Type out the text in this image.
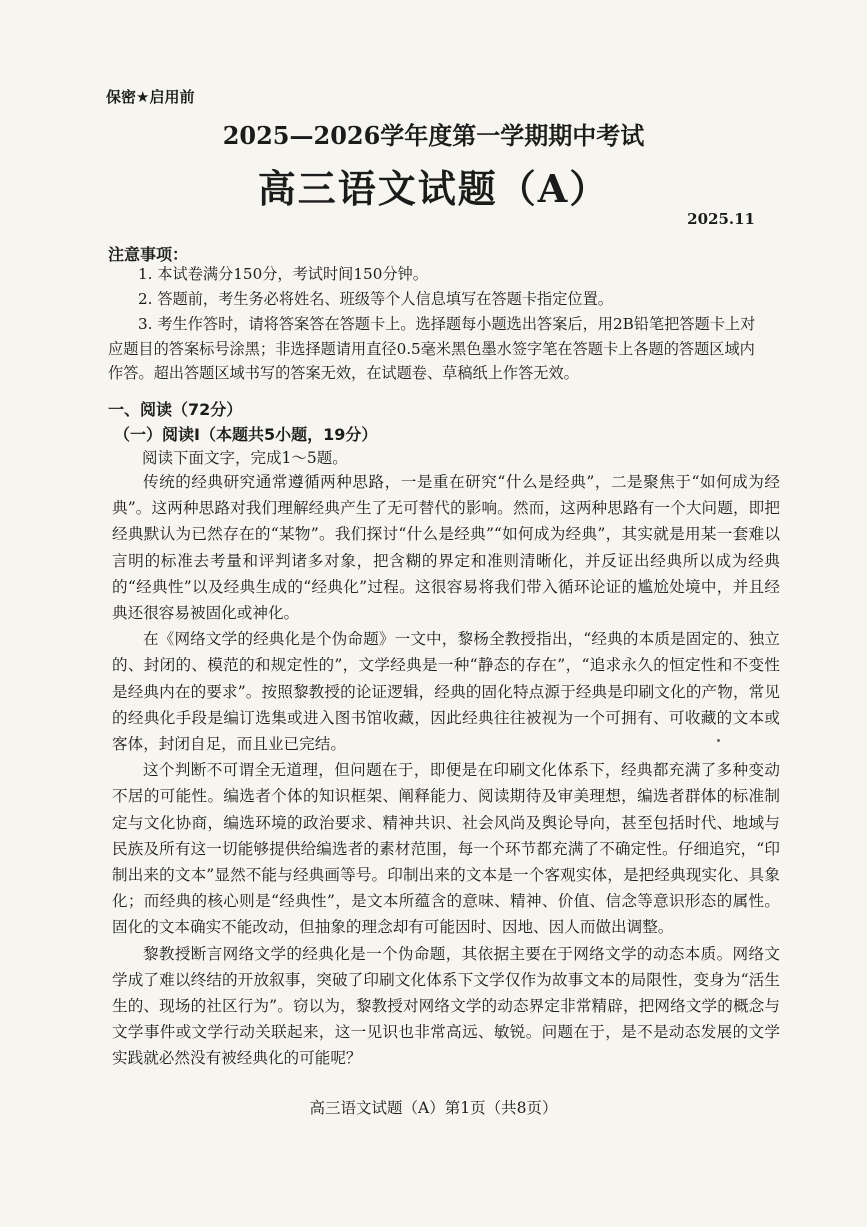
保密★启用前
2025—2026学年度第一学期期中考试
高三语文试题（A）
2025.11
注意事项：
1. 本试卷满分150分，考试时间150分钟。
2. 答题前，考生务必将姓名、班级等个人信息填写在答题卡指定位置。
3. 考生作答时，请将答案答在答题卡上。选择题每小题选出答案后，用2B铅笔把答题卡上对应题目的答案标号涂黑；非选择题请用直径0.5毫米黑色墨水签字笔在答题卡上各题的答题区域内作答。超出答题区域书写的答案无效，在试题卷、草稿纸上作答无效。
一、阅读（72分）
（一）阅读Ⅰ（本题共5小题，19分）
阅读下面文字，完成1～5题。

传统的经典研究通常遵循两种思路，一是重在研究“什么是经典”，二是聚焦于“如何成为经典”。这两种思路对我们理解经典产生了无可替代的影响。然而，这两种思路有一个大问题，即把经典默认为已然存在的“某物”。我们探讨“什么是经典”“如何成为经典”，其实就是用某一套难以言明的标准去考量和评判诸多对象，把含糊的界定和准则清晰化，并反证出经典所以成为经典的“经典性”以及经典生成的“经典化”过程。这很容易将我们带入循环论证的尴尬处境中，并且经典还很容易被固化或神化。

在《网络文学的经典化是个伪命题》一文中，黎杨全教授指出，“经典的本质是固定的、独立的、封闭的、模范的和规定性的”，文学经典是一种“静态的存在”，“追求永久的恒定性和不变性是经典内在的要求”。按照黎教授的论证逻辑，经典的固化特点源于经典是印刷文化的产物，常见的经典化手段是编订选集或进入图书馆收藏，因此经典往往被视为一个可拥有、可收藏的文本或客体，封闭自足，而且业已完结。

这个判断不可谓全无道理，但问题在于，即便是在印刷文化体系下，经典都充满了多种变动不居的可能性。编选者个体的知识框架、阐释能力、阅读期待及审美理想，编选者群体的标准制定与文化协商，编选环境的政治要求、精神共识、社会风尚及舆论导向，甚至包括时代、地域与民族及所有这一切能够提供给编选者的素材范围，每一个环节都充满了不确定性。仔细追究，“印制出来的文本”显然不能与经典画等号。印制出来的文本是一个客观实体，是把经典现实化、具象化；而经典的核心则是“经典性”，是文本所蕴含的意味、精神、价值、信念等意识形态的属性。固化的文本确实不能改动，但抽象的理念却有可能因时、因地、因人而做出调整。

黎教授断言网络文学的经典化是一个伪命题，其依据主要在于网络文学的动态本质。网络文学成了难以终结的开放叙事，突破了印刷文化体系下文学仅作为故事文本的局限性，变身为“活生生的、现场的社区行为”。窃以为，黎教授对网络文学的动态界定非常精辟，把网络文学的概念与文学事件或文学行动关联起来，这一见识也非常高远、敏锐。问题在于，是不是动态发展的文学实践就必然没有被经典化的可能呢？

高三语文试题（A）第1页（共8页）
